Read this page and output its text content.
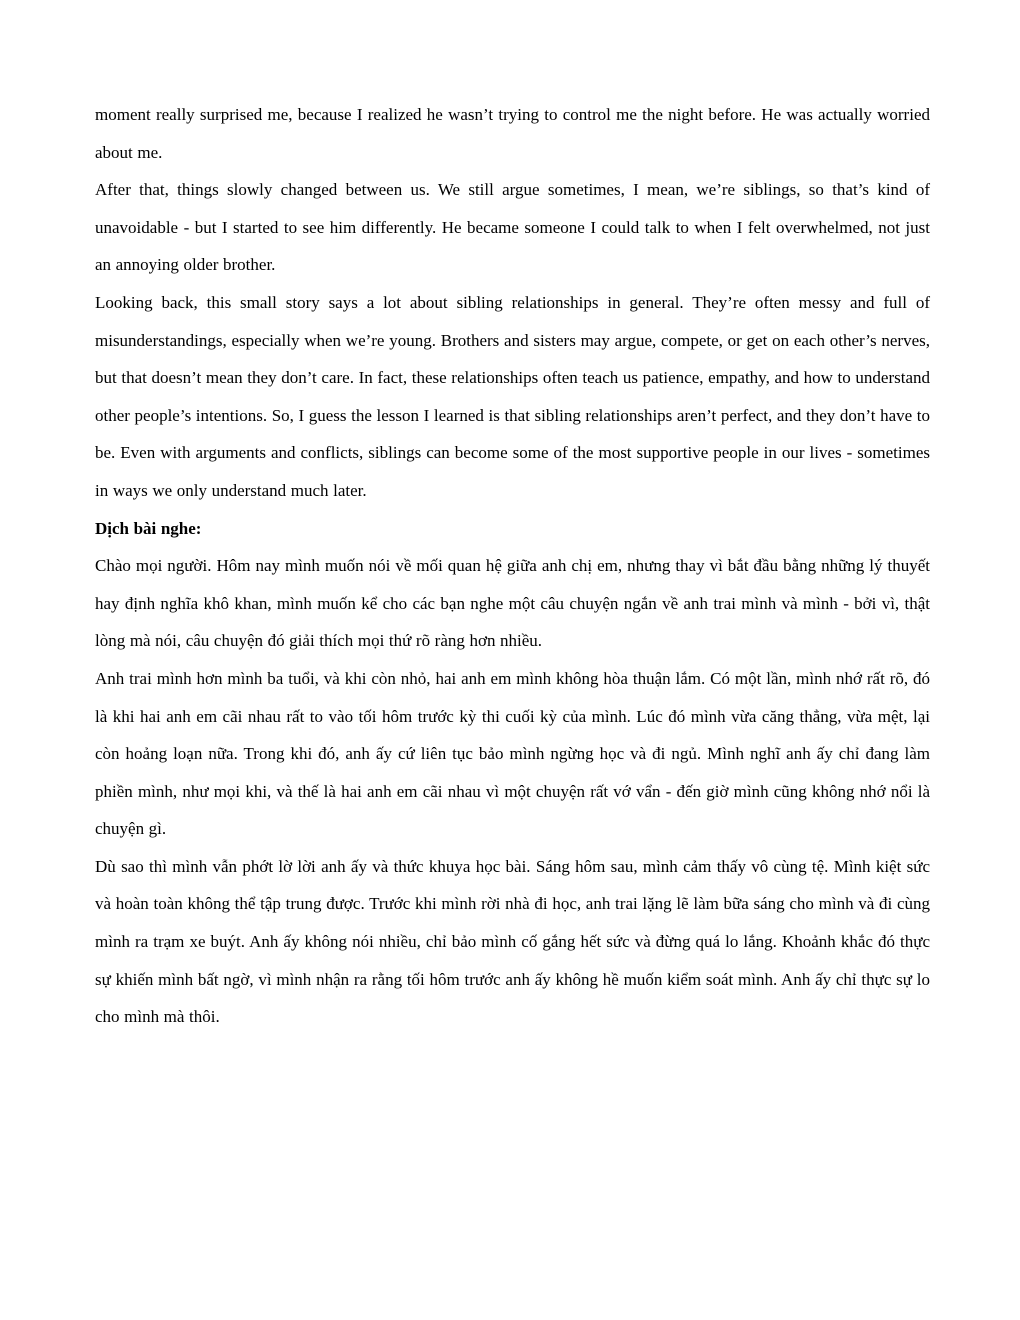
moment really surprised me, because I realized he wasn’t trying to control me the night before. He was actually worried about me.

After that, things slowly changed between us. We still argue sometimes, I mean, we’re siblings, so that’s kind of unavoidable - but I started to see him differently. He became someone I could talk to when I felt overwhelmed, not just an annoying older brother.

Looking back, this small story says a lot about sibling relationships in general. They’re often messy and full of misunderstandings, especially when we’re young. Brothers and sisters may argue, compete, or get on each other’s nerves, but that doesn’t mean they don’t care. In fact, these relationships often teach us patience, empathy, and how to understand other people’s intentions. So, I guess the lesson I learned is that sibling relationships aren’t perfect, and they don’t have to be. Even with arguments and conflicts, siblings can become some of the most supportive people in our lives - sometimes in ways we only understand much later.

Dịch bài nghe:

Chào mọi người. Hôm nay mình muốn nói về mối quan hệ giữa anh chị em, nhưng thay vì bắt đầu bằng những lý thuyết hay định nghĩa khô khan, mình muốn kể cho các bạn nghe một câu chuyện ngắn về anh trai mình và mình - bởi vì, thật lòng mà nói, câu chuyện đó giải thích mọi thứ rõ ràng hơn nhiều.

Anh trai mình hơn mình ba tuổi, và khi còn nhỏ, hai anh em mình không hòa thuận lắm. Có một lần, mình nhớ rất rõ, đó là khi hai anh em cãi nhau rất to vào tối hôm trước kỳ thi cuối kỳ của mình. Lúc đó mình vừa căng thẳng, vừa mệt, lại còn hoảng loạn nữa. Trong khi đó, anh ấy cứ liên tục bảo mình ngừng học và đi ngủ. Mình nghĩ anh ấy chỉ đang làm phiền mình, như mọi khi, và thế là hai anh em cãi nhau vì một chuyện rất vớ vẩn - đến giờ mình cũng không nhớ nổi là chuyện gì.

Dù sao thì mình vẫn phớt lờ lời anh ấy và thức khuya học bài. Sáng hôm sau, mình cảm thấy vô cùng tệ. Mình kiệt sức và hoàn toàn không thể tập trung được. Trước khi mình rời nhà đi học, anh trai lặng lẽ làm bữa sáng cho mình và đi cùng mình ra trạm xe buýt. Anh ấy không nói nhiều, chỉ bảo mình cố gắng hết sức và đừng quá lo lắng. Khoảnh khắc đó thực sự khiến mình bất ngờ, vì mình nhận ra rằng tối hôm trước anh ấy không hề muốn kiểm soát mình. Anh ấy chỉ thực sự lo cho mình mà thôi.
